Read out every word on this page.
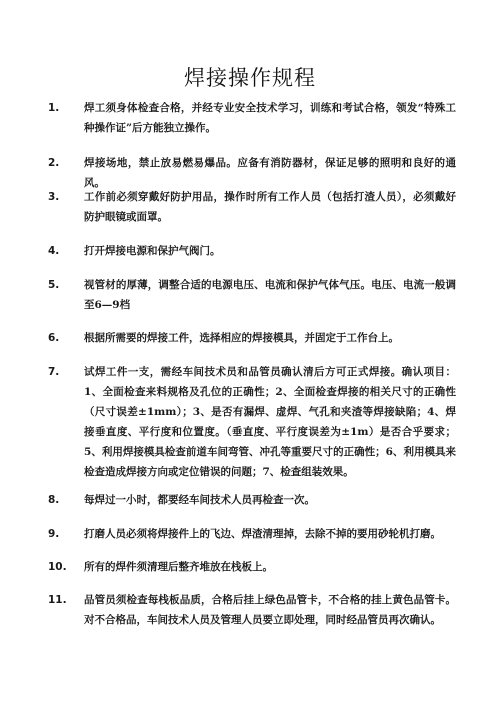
焊接操作规程
1.	焊工须身体检查合格，并经专业安全技术学习，训练和考试合格，领发“特殊工种操作证”后方能独立操作。
2.	焊接场地，禁止放易燃易爆品。应备有消防器材，保证足够的照明和良好的通风。
3.	工作前必须穿戴好防护用品，操作时所有工作人员（包括打渣人员），必须戴好防护眼镜或面罩。
4.	打开焊接电源和保护气阀门。
5.	视管材的厚薄，调整合适的电源电压、电流和保护气体气压。电压、电流一般调至6—9档
6.	根据所需要的焊接工件，选择相应的焊接模具，并固定于工作台上。
7.	试焊工件一支，需经车间技术员和品管员确认清后方可正式焊接。确认项目：1、全面检查来料规格及孔位的正确性；2、全面检查焊接的相关尺寸的正确性（尺寸误差±1mm）；3、是否有漏焊、虚焊、气孔和夹渣等焊接缺陷；4、焊接垂直度、平行度和位置度。（垂直度、平行度误差为±1m）是否合乎要求；5、利用焊接模具检查前道车间弯管、冲孔等重要尺寸的正确性；6、利用模具来检查造成焊接方向或定位错误的问题；7、检查组装效果。
8.	每焊过一小时，都要经车间技术人员再检查一次。
9.	打磨人员必须将焊接件上的飞边、焊渣清理掉，去除不掉的要用砂轮机打磨。
10.	所有的焊件须清理后整齐堆放在栈板上。
11.	品管员须检查每栈板品质，合格后挂上绿色品管卡，不合格的挂上黄色品管卡。对不合格品，车间技术人员及管理人员要立即处理，同时经品管员再次确认。
